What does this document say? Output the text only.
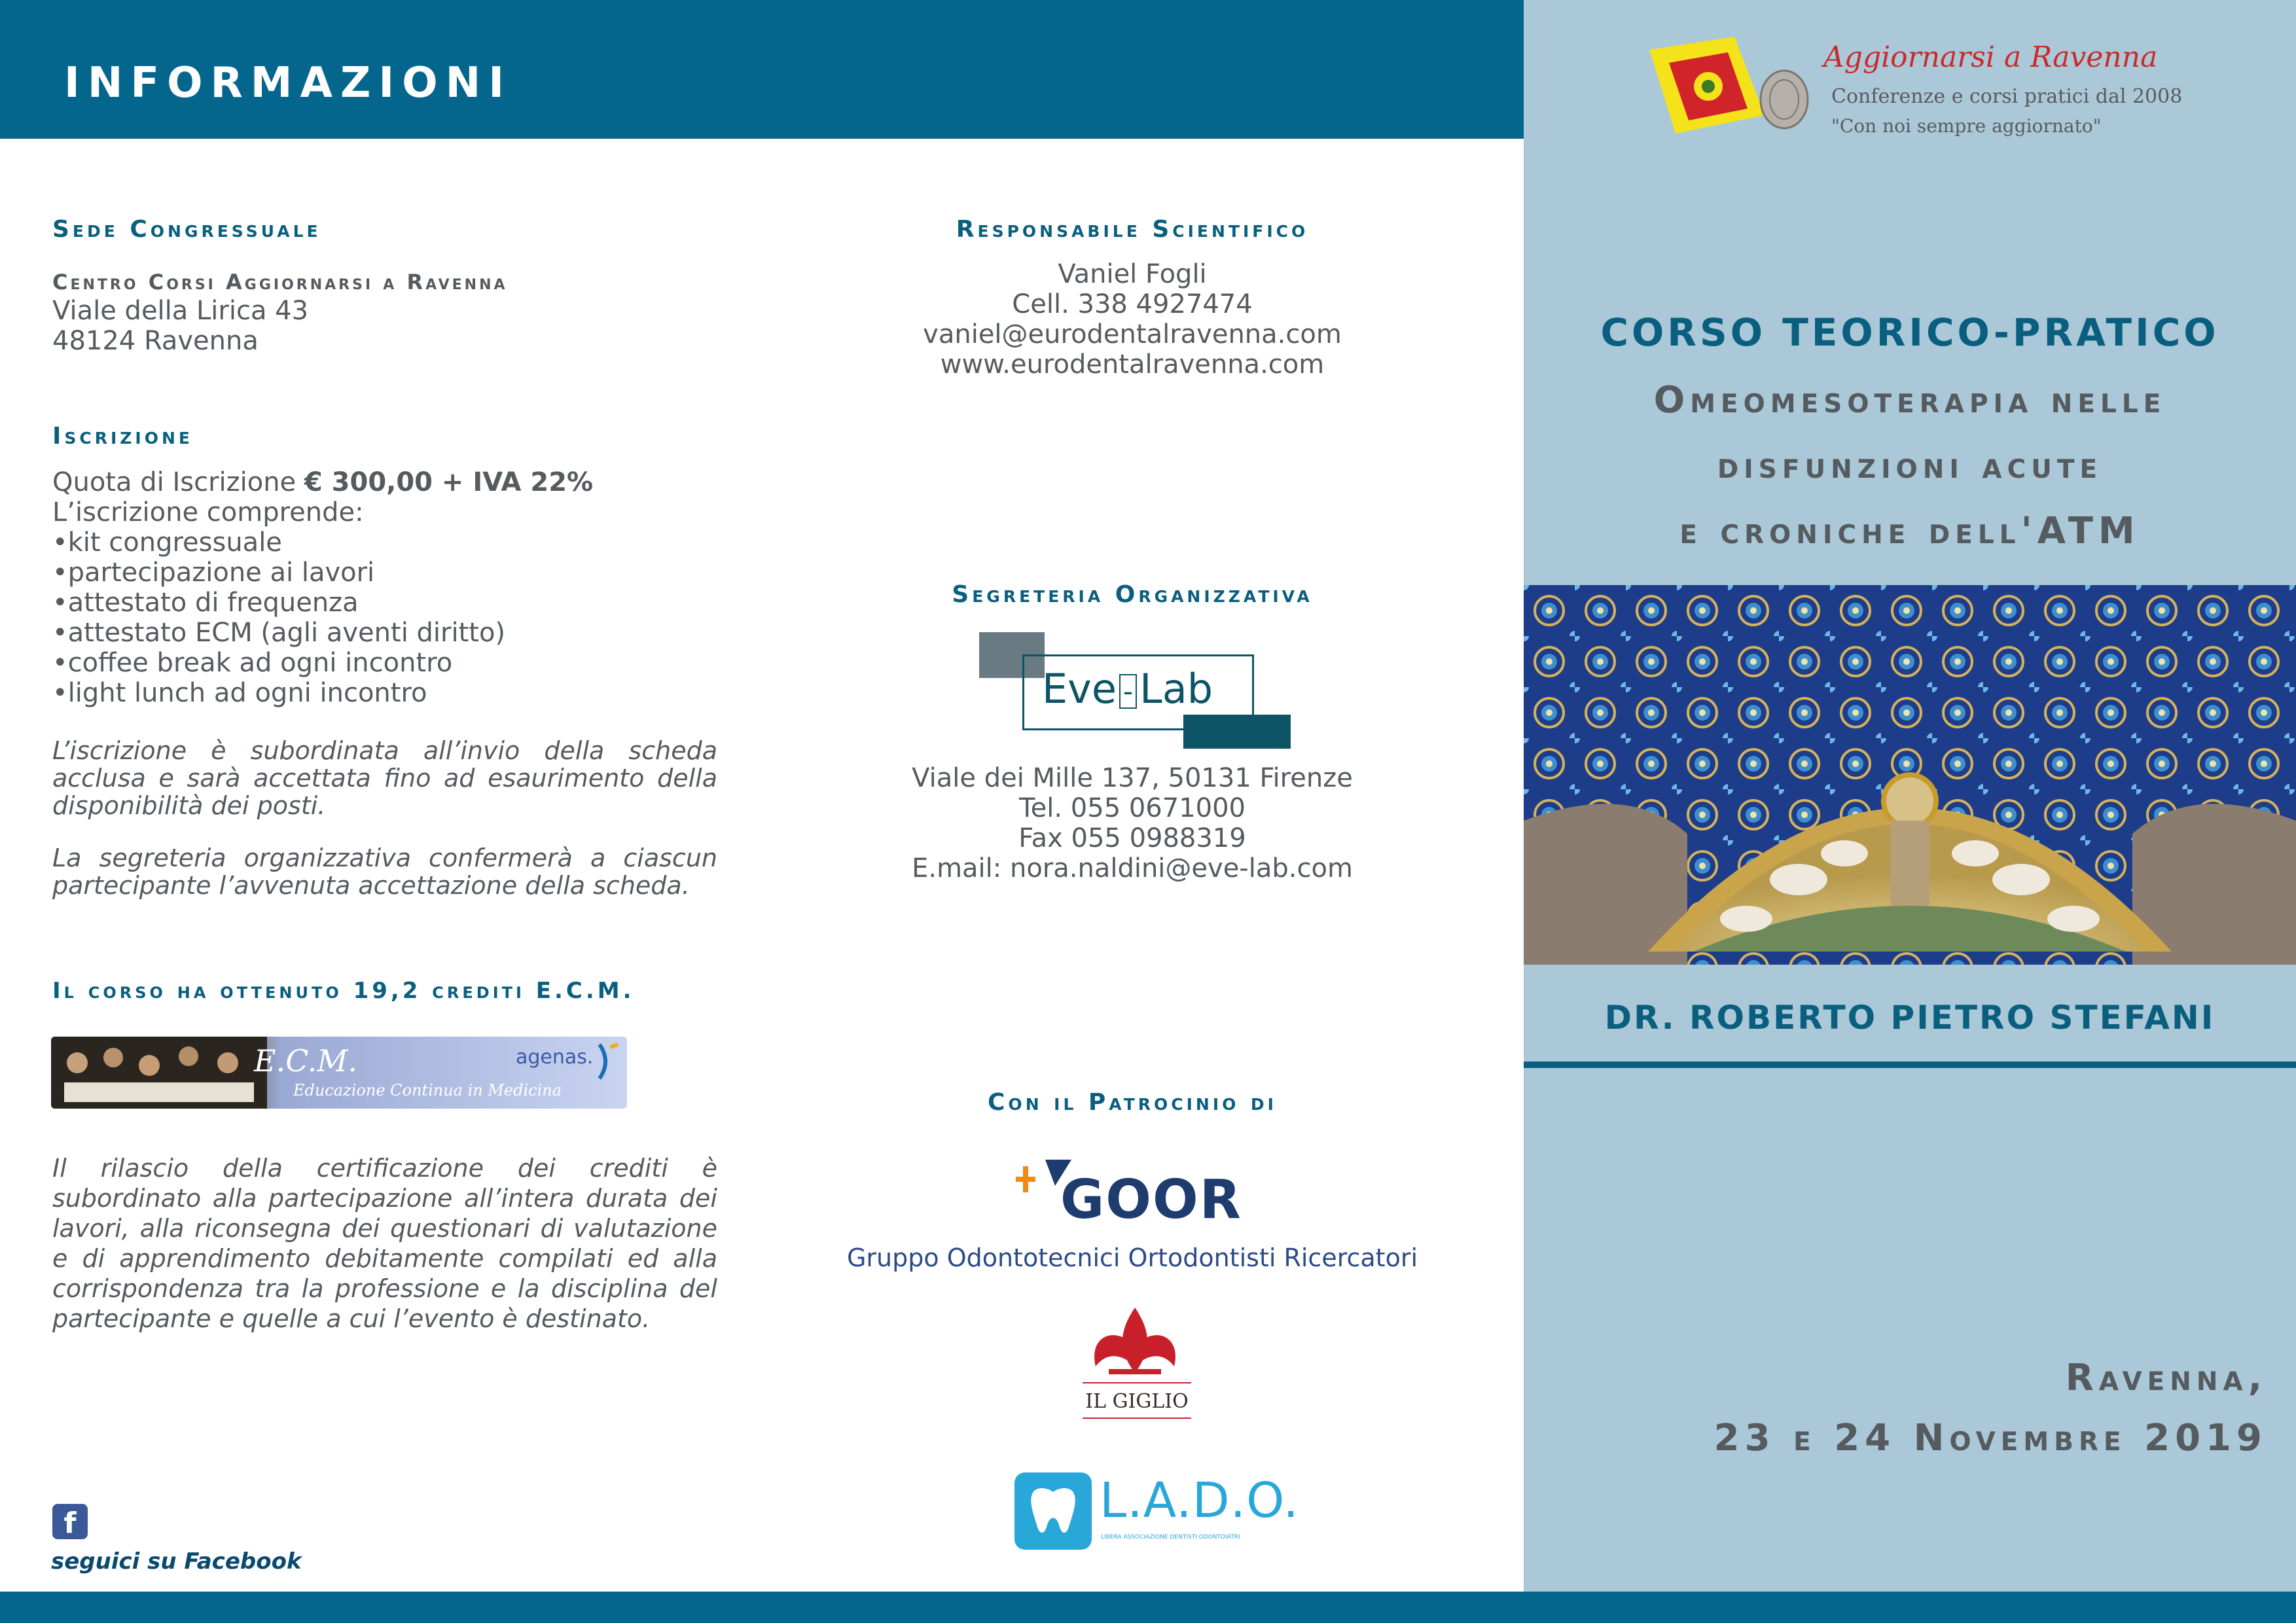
INFORMAZIONI
Sede Congressuale
Centro Corsi Aggiornarsi a Ravenna
Viale della Lirica 43
48124 Ravenna
Iscrizione
Quota di Iscrizione € 300,00 + IVA 22%
L’iscrizione comprende:
• kit congressuale
• partecipazione ai lavori
• attestato di frequenza
• attestato ECM (agli aventi diritto)
• coffee break ad ogni incontro
• light lunch ad ogni incontro
L’iscrizione è subordinata all’invio della scheda acclusa e sarà accettata fino ad esaurimento della disponibilità dei posti.
La segreteria organizzativa confermerà a ciascun partecipante l’avvenuta accettazione della scheda.
Il corso ha ottenuto 19,2 crediti E.C.M.
E.C.M.
Educazione Continua in Medicina
agenas.
Il rilascio della certificazione dei crediti è subordinato alla partecipazione all’intera durata dei lavori, alla riconsegna dei questionari di valutazione e di apprendimento debitamente compilati ed alla corrispondenza tra la professione e la disciplina del partecipante e quelle a cui l’evento è destinato.
f
seguici su Facebook
Responsabile Scientifico
Vaniel Fogli
Cell. 338 4927474
vaniel@eurodentalravenna.com
www.eurodentalravenna.com
Segreteria Organizzativa
Eve - Lab
Viale dei Mille 137, 50131 Firenze
Tel. 055 0671000
Fax 055 0988319
E.mail: nora.naldini@eve-lab.com
Con il Patrocinio di
GOOR
Gruppo Odontotecnici Ortodontisti Ricercatori
IL GIGLIO
L.A.D.O.
LIBERA ASSOCIAZIONE DENTISTI ODONTOIATRI
Aggiornarsi a Ravenna
Conferenze e corsi pratici dal 2008
"Con noi sempre aggiornato"
CORSO TEORICO-PRATICO
Omeomesoterapia nelle
disfunzioni acute
e croniche dell'ATM
DR. ROBERTO PIETRO STEFANI
Ravenna,
23 e 24 Novembre 2019
